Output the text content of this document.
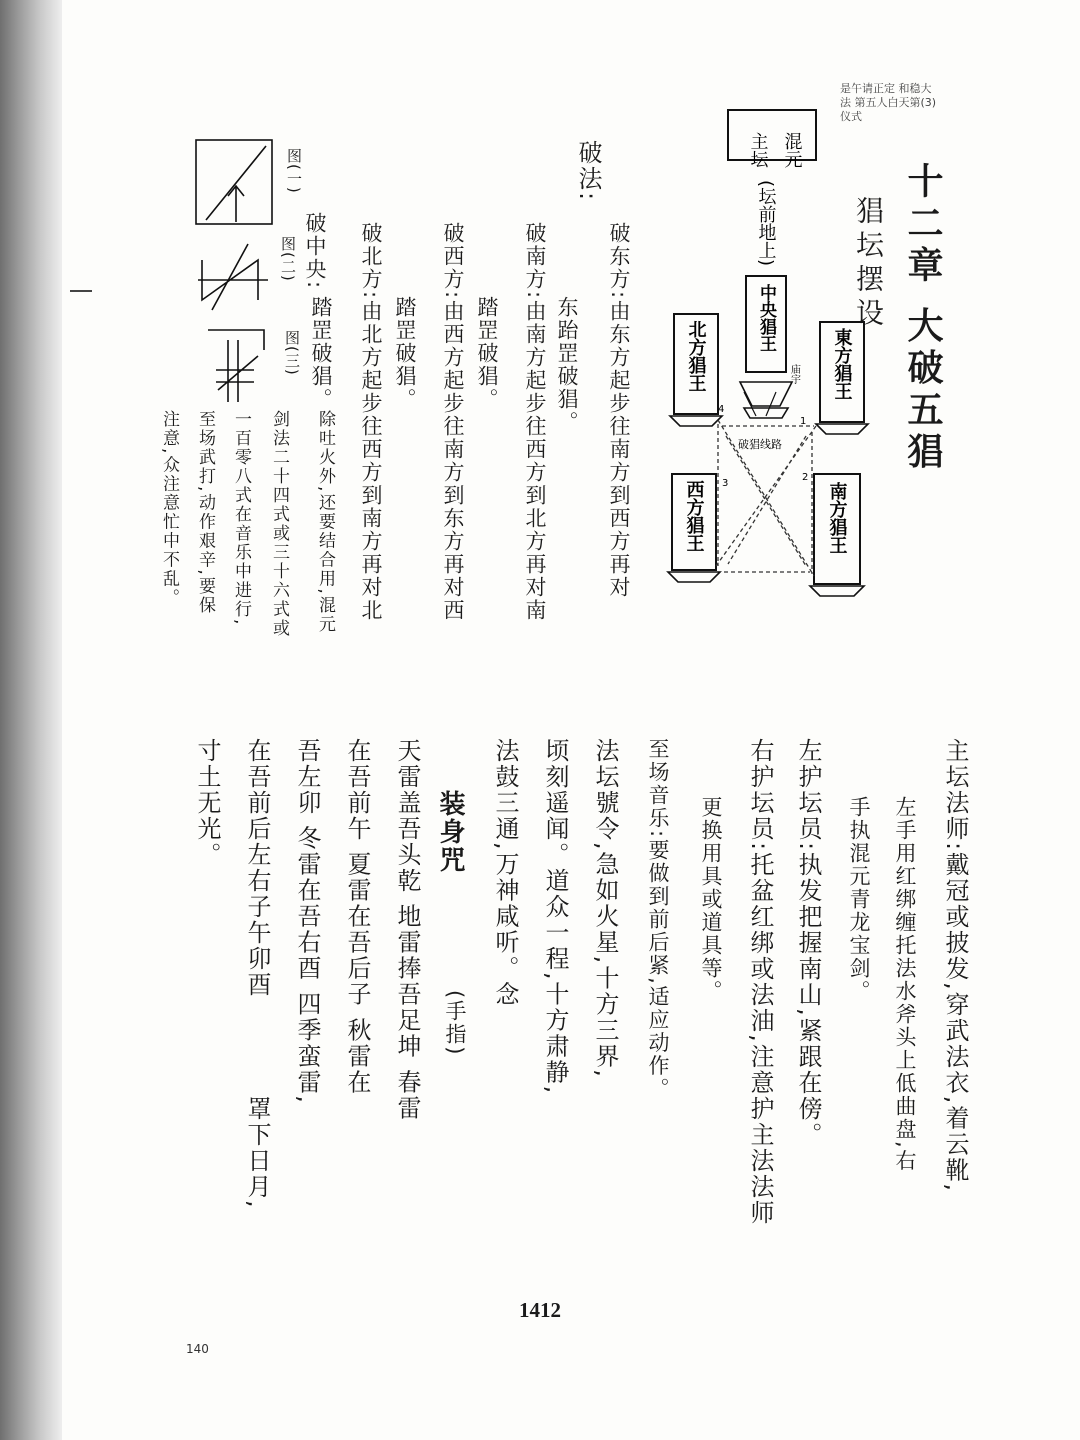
是午请正定 和稳大法 第五人白天第(3)仪式
十二章 大破五猖
猖坛摆设
混元
主坛
(坛前地上)
中央猖王
東方猖王
北方猖王
西方猖王	南方猖王
庙宇
破猖线路
4
2
3
1
破法:
破东方:由东方起步往南方到西方再对
东跆罡破猖。
破南方:由南方起步往西方到北方再对南
踏罡破猖。
破西方:由西方起步往南方到东方再对西
踏罡破猖。
破北方:由北方起步往西方到南方再对北
踏罡破猖。
破中央:
除吐火外,还要结合用,混元
剑法二十四式或三十六式或
一百零八式在音乐中进行,
至场武打,动作艰辛,要保
注意,众注意忙中不乱。
图(一)
图(二)
图(三)
主坛法师:戴冠或披发,穿武法衣,着云靴,
左手用红绑缠托法水斧头上低曲盘,右
手执混元青龙宝剑。
左护坛员:执发把握南山,紧跟在傍。
右护坛员:托盆红绑或法油,注意护主法法师
更换用具或道具等。
至场音乐:要做到前后紧,适应动作。
法坛號令,急如火星,十方三界,
顷刻遥闻。道众一程,十方肃静,
法鼓三通,万神咸听。念
装身咒
(手指)
天雷盖吾头乾 地雷捧吾足坤 春雷
在吾前午 夏雷在吾后子 秋雷在
吾左卯 冬雷在吾右酉 四季蛮雷,
在吾前后左右子午卯酉
罩下日月,
寸土无光。
1412
140
